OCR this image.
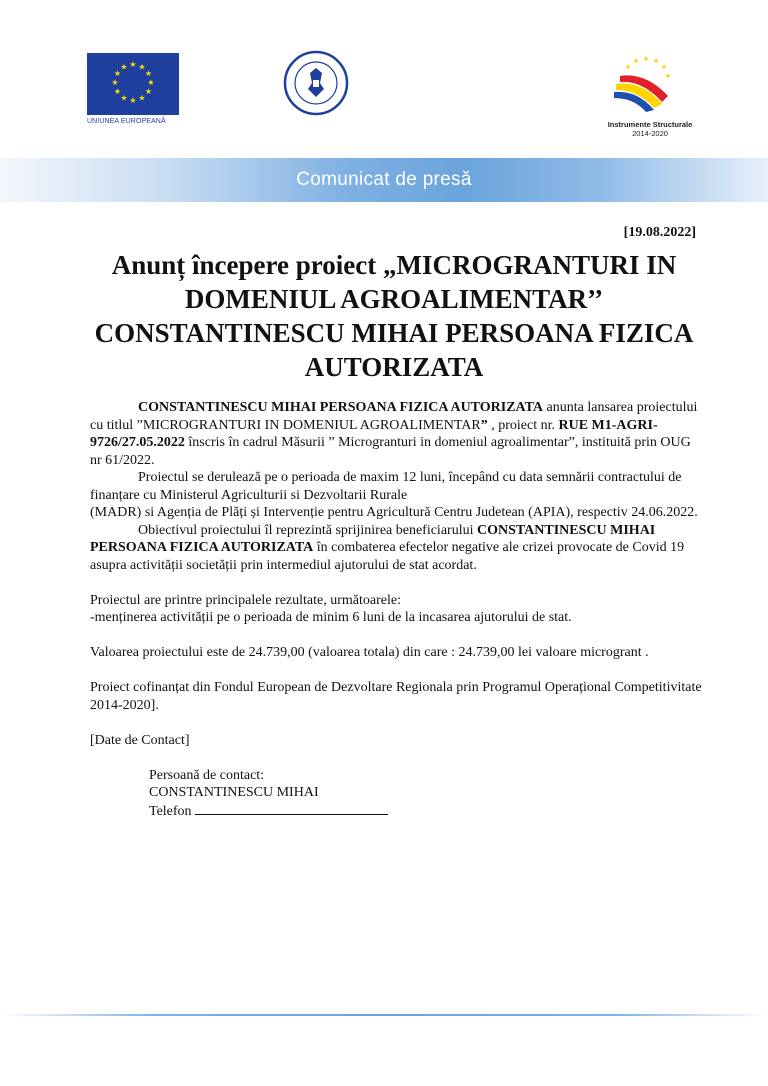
★ ★
★
★
★
★
★
★
★
★
★
★
UNIUNEA EUROPEANĂ
★ ★
★
★
★
★
Instrumente Structurale
2014-2020
Comunicat de presă
[19.08.2022]
Anunț începere proiect „MICROGRANTURI IN DOMENIUL AGROALIMENTAR’’ CONSTANTINESCU MIHAI PERSOANA FIZICA AUTORIZATA

CONSTANTINESCU MIHAI PERSOANA FIZICA AUTORIZATA anunta lansarea proiectului cu titlul ”MICROGRANTURI IN DOMENIUL AGROALIMENTAR” , proiect nr. RUE M1-AGRI-9726/27.05.2022 înscris în cadrul Măsurii ” Microgranturi in domeniul agroalimentar”, instituită prin OUG nr 61/2022.

Proiectul se derulează pe o perioada de maxim 12 luni, începând cu data semnării contractului de finanțare cu Ministerul Agriculturii si Dezvoltarii Rurale

(MADR) si Agenția de Plăți și Intervenție pentru Agricultură Centru Judetean (APIA), respectiv 24.06.2022.

Obiectivul proiectului îl reprezintă sprijinirea beneficiarului CONSTANTINESCU MIHAI PERSOANA FIZICA AUTORIZATA în combaterea efectelor negative ale crizei provocate de Covid 19 asupra activității societății prin intermediul ajutorului de stat acordat.

Proiectul are printre principalele rezultate, următoarele:

-menținerea activității pe o perioada de minim 6 luni de la incasarea ajutorului de stat.

Valoarea proiectului este de 24.739,00 (valoarea totala) din care : 24.739,00 lei valoare microgrant .

Proiect cofinanțat din Fondul European de Dezvoltare Regionala prin Programul Operațional Competitivitate 2014-2020].

[Date de Contact]

Persoană de contact:

CONSTANTINESCU MIHAI

Telefon
